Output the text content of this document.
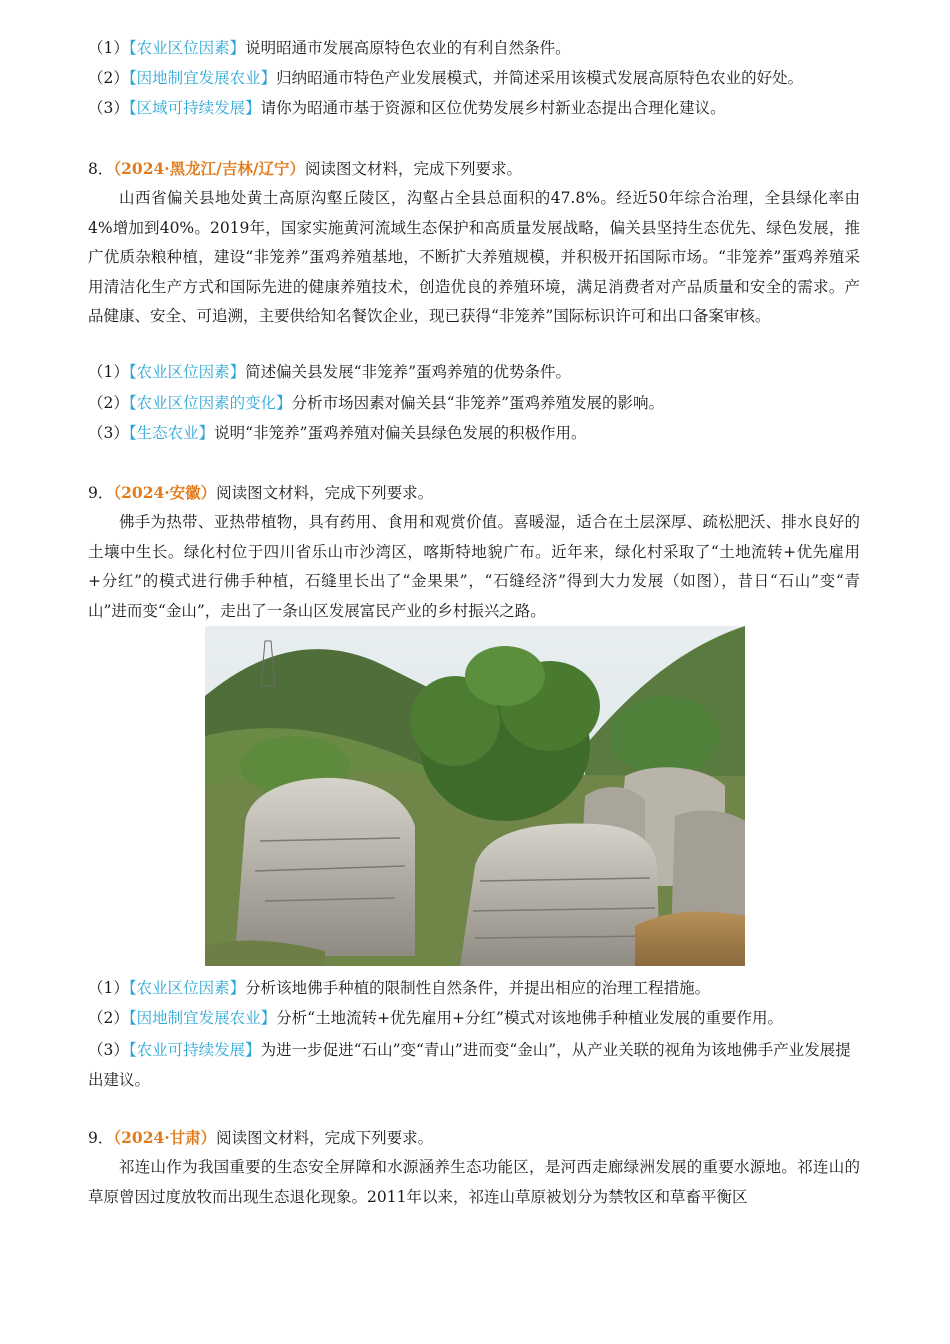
（1）【农业区位因素】说明昭通市发展高原特色农业的有利自然条件。
（2）【因地制宜发展农业】归纳昭通市特色产业发展模式，并简述采用该模式发展高原特色农业的好处。
（3）【区域可持续发展】请你为昭通市基于资源和区位优势发展乡村新业态提出合理化建议。
8．（2024·黑龙江/吉林/辽宁）阅读图文材料，完成下列要求。
山西省偏关县地处黄土高原沟壑丘陵区，沟壑占全县总面积的47.8%。经近50年综合治理，全县绿化率由4%增加到40%。2019年，国家实施黄河流域生态保护和高质量发展战略，偏关县坚持生态优先、绿色发展，推广优质杂粮种植，建设“非笼养”蛋鸡养殖基地，不断扩大养殖规模，并积极开拓国际市场。“非笼养”蛋鸡养殖采用清洁化生产方式和国际先进的健康养殖技术，创造优良的养殖环境，满足消费者对产品质量和安全的需求。产品健康、安全、可追溯，主要供给知名餐饮企业，现已获得“非笼养”国际标识许可和出口备案审核。
（1）【农业区位因素】简述偏关县发展“非笼养”蛋鸡养殖的优势条件。
（2）【农业区位因素的变化】分析市场因素对偏关县“非笼养”蛋鸡养殖发展的影响。
（3）【生态农业】说明“非笼养”蛋鸡养殖对偏关县绿色发展的积极作用。
9．（2024·安徽）阅读图文材料，完成下列要求。
佛手为热带、亚热带植物，具有药用、食用和观赏价值。喜暖湿，适合在土层深厚、疏松肥沃、排水良好的土壤中生长。绿化村位于四川省乐山市沙湾区，喀斯特地貌广布。近年来，绿化村采取了“土地流转+优先雇用+分红”的模式进行佛手种植，石缝里长出了“金果果”，“石缝经济”得到大力发展（如图），昔日“石山”变“青山”进而变“金山”，走出了一条山区发展富民产业的乡村振兴之路。
（1）【农业区位因素】分析该地佛手种植的限制性自然条件，并提出相应的治理工程措施。
（2）【因地制宜发展农业】分析“土地流转+优先雇用+分红”模式对该地佛手种植业发展的重要作用。
（3）【农业可持续发展】为进一步促进“石山”变“青山”进而变“金山”，从产业关联的视角为该地佛手产业发展提出建议。
9．（2024·甘肃）阅读图文材料，完成下列要求。
祁连山作为我国重要的生态安全屏障和水源涵养生态功能区，是河西走廊绿洲发展的重要水源地。祁连山的草原曾因过度放牧而出现生态退化现象。2011年以来，祁连山草原被划分为禁牧区和草畜平衡区
